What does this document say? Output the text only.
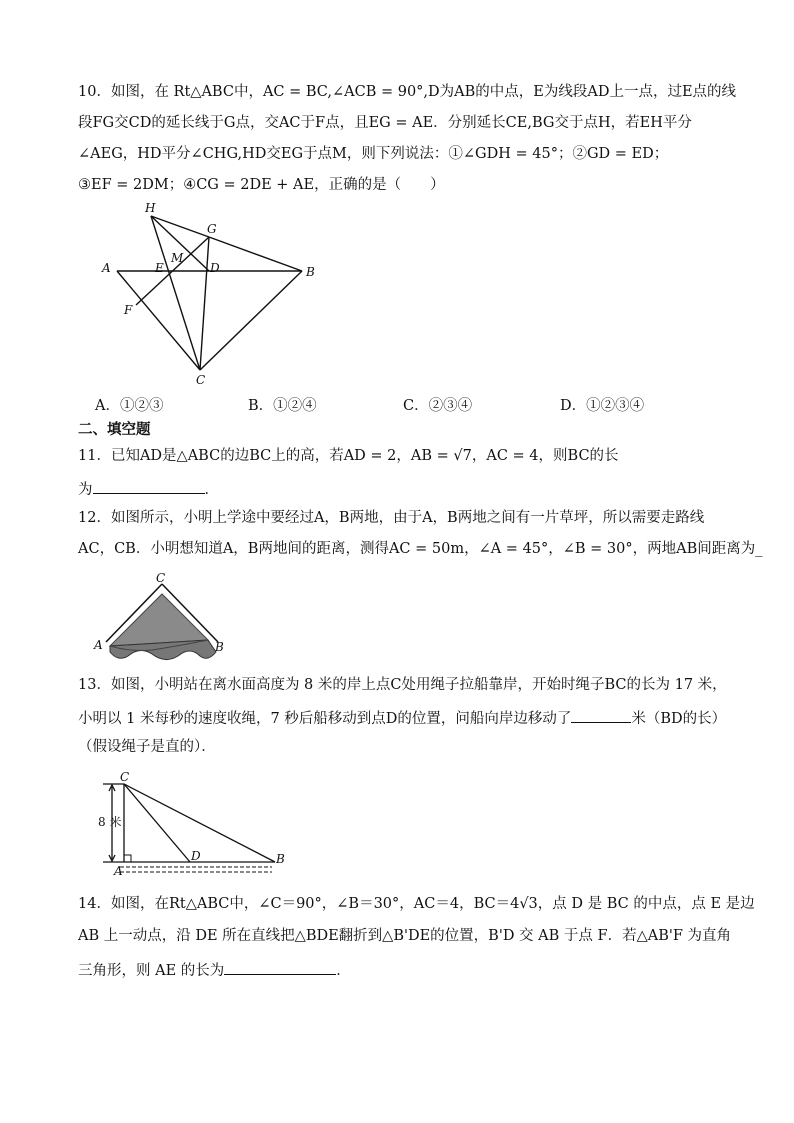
10．如图，在 Rt△ABC中，AC = BC,∠ACB = 90°,D为AB的中点，E为线段AD上一点，过E点的线
段FG交CD的延长线于G点，交AC于F点，且EG = AE．分别延长CE,BG交于点H，若EH平分
∠AEG，HD平分∠CHG,HD交EG于点M，则下列说法：①∠GDH = 45°；②GD = ED；
③EF = 2DM；④CG = 2DE + AE，正确的是（　　）
H
G
M
A	E	D	B
F
C
A．①②③	B．①②④	C．②③④	D．①②③④
二、填空题
11．已知AD是△ABC的边BC上的高，若AD = 2，AB = √7，AC = 4，则BC的长
为	．
12．如图所示，小明上学途中要经过A，B两地，由于A，B两地之间有一片草坪，所以需要走路线
AC，CB．小明想知道A，B两地间的距离，测得AC = 50m，∠A = 45°，∠B = 30°，两地AB间距离为_
C
A	B
13．如图，小明站在离水面高度为 8 米的岸上点C处用绳子拉船靠岸，开始时绳子BC的长为 17 米，
小明以 1 米每秒的速度收绳，7 秒后船移动到点D的位置，问船向岸边移动了	米（BD的长）
（假设绳子是直的）．
C
8 米
A
D	B
14．如图，在Rt△ABC中，∠C＝90°，∠B＝30°，AC＝4，BC＝4√3，点 D 是 BC 的中点，点 E 是边
AB 上一动点，沿 DE 所在直线把△BDE翻折到△B'DE的位置，B'D 交 AB 于点 F．若△AB'F 为直角
三角形，则 AE 的长为	．
